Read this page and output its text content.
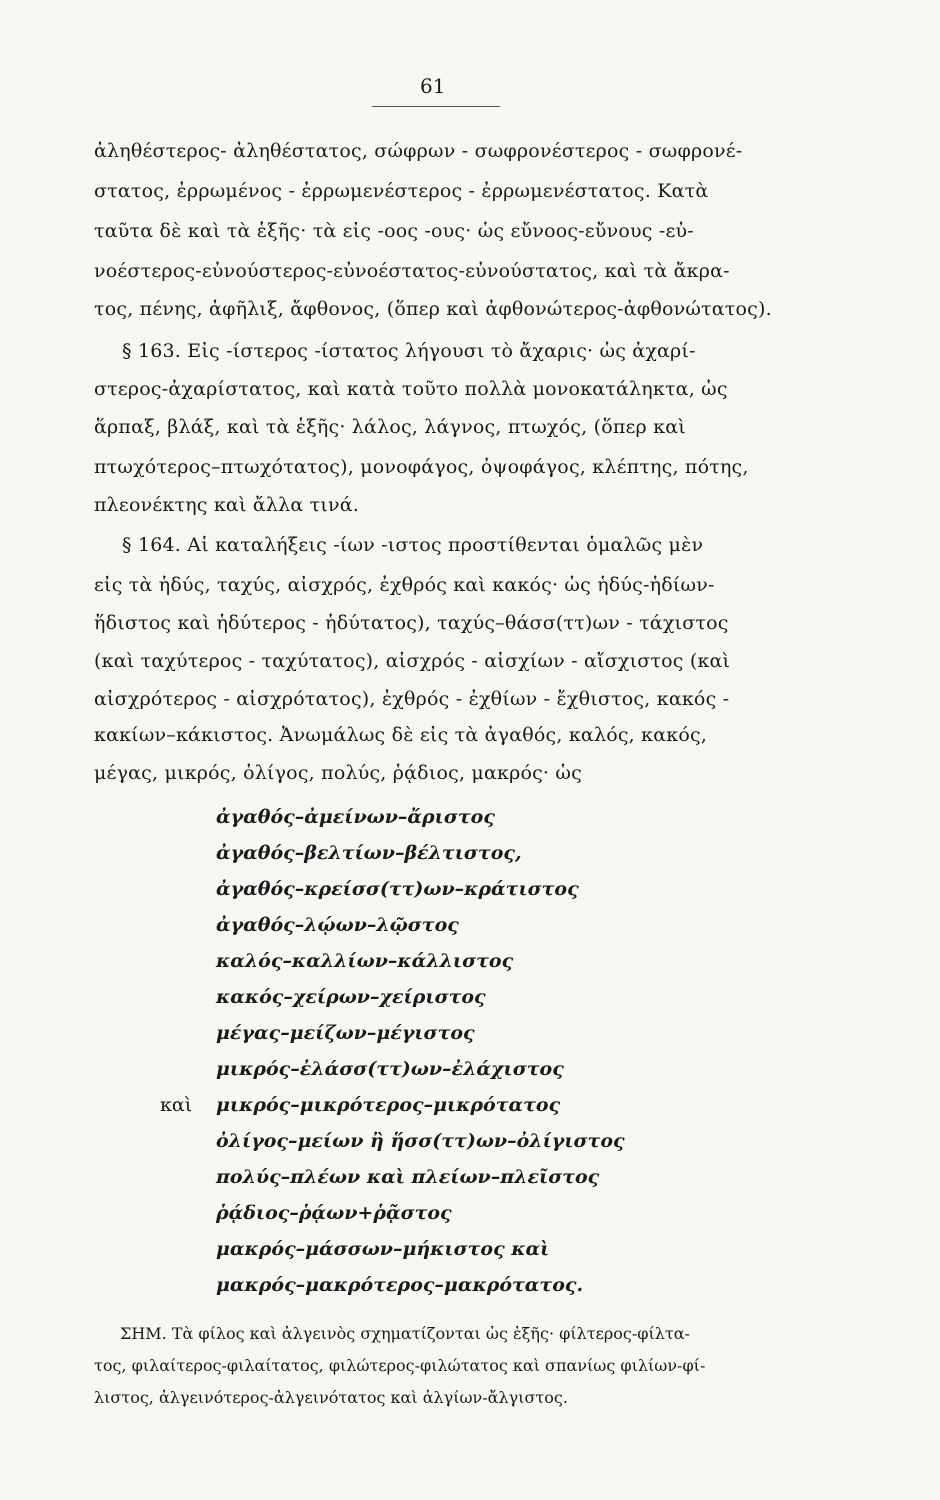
61
ἀληθέστερος- ἀληθέστατος, σώφρων - σωφρονέστερος - σωφρονέ-
στατος, ἐρρωμένος - ἐρρωμενέστερος - ἐρρωμενέστατος. Κατὰ
ταῦτα δὲ καὶ τὰ ἑξῆς· τὰ εἰς -οος -ους· ὡς εὔνοος-εὔνους -εὐ-
νοέστερος-εὐνούστερος-εὐνοέστατος-εὐνούστατος, καὶ τὰ ἄκρα-
τος, πένης, ἀφῆλιξ, ἄφθονος, (ὅπερ καὶ ἀφθονώτερος-ἀφθονώτατος).
§ 163. Εἰς -ίστερος -ίστατος λήγουσι τὸ ἄχαρις· ὡς ἀχαρί-
στερος-ἀχαρίστατος, καὶ κατὰ τοῦτο πολλὰ μονοκατάληκτα, ὡς
ἅρπαξ, βλάξ, καὶ τὰ ἑξῆς· λάλος, λάγνος, πτωχός, (ὅπερ καὶ
πτωχότερος–πτωχότατος), μονοφάγος, ὀψοφάγος, κλέπτης, πότης,
πλεονέκτης καὶ ἄλλα τινά.
§ 164. Αἱ καταλήξεις -ίων -ιστος προστίθενται ὁμαλῶς μὲν
εἰς τὰ ἡδύς, ταχύς, αἰσχρός, ἐχθρός καὶ κακός· ὡς ἡδύς-ἡδίων-
ἥδιστος καὶ ἡδύτερος - ἡδύτατος), ταχύς–θάσσ(ττ)ων - τάχιστος
(καὶ ταχύτερος - ταχύτατος), αἰσχρός - αἰσχίων - αἴσχιστος (καὶ
αἰσχρότερος - αἰσχρότατος), ἐχθρός - ἐχθίων - ἔχθιστος, κακός -
κακίων–κάκιστος. Ἀνωμάλως δὲ εἰς τὰ ἀγαθός, καλός, κακός,
μέγας, μικρός, ὀλίγος, πολύς, ῥᾴδιος, μακρός· ὡς
ἀγαθός–ἀμείνων–ἄριστος
ἀγαθός–βελτίων–βέλτιστος,
ἀγαθός–κρείσσ(ττ)ων–κράτιστος
ἀγαθός–λῴων–λῷστος
καλός–καλλίων–κάλλιστος
κακός–χείρων–χείριστος
μέγας–μείζων–μέγιστος
μικρός–ἐλάσσ(ττ)ων–ἐλάχιστος
καὶ μικρός–μικρότερος–μικρότατος
ὀλίγος–μείων ἢ ἥσσ(ττ)ων–ὀλίγιστος
πολύς–πλέων καὶ πλείων–πλεῖστος
ῥᾴδιος–ῥᾴων+ῥᾷστος
μακρός–μάσσων–μήκιστος καὶ
μακρός–μακρότερος–μακρότατος.
ΣΗΜ. Τὰ φίλος καὶ ἀλγεινὸς σχηματίζονται ὡς ἑξῆς· φίλτερος-φίλτα-
τος, φιλαίτερος-φιλαίτατος, φιλώτερος-φιλώτατος καὶ σπανίως φιλίων-φί-
λιστος, ἀλγεινότερος-ἀλγεινότατος καὶ ἀλγίων-ἄλγιστος.
